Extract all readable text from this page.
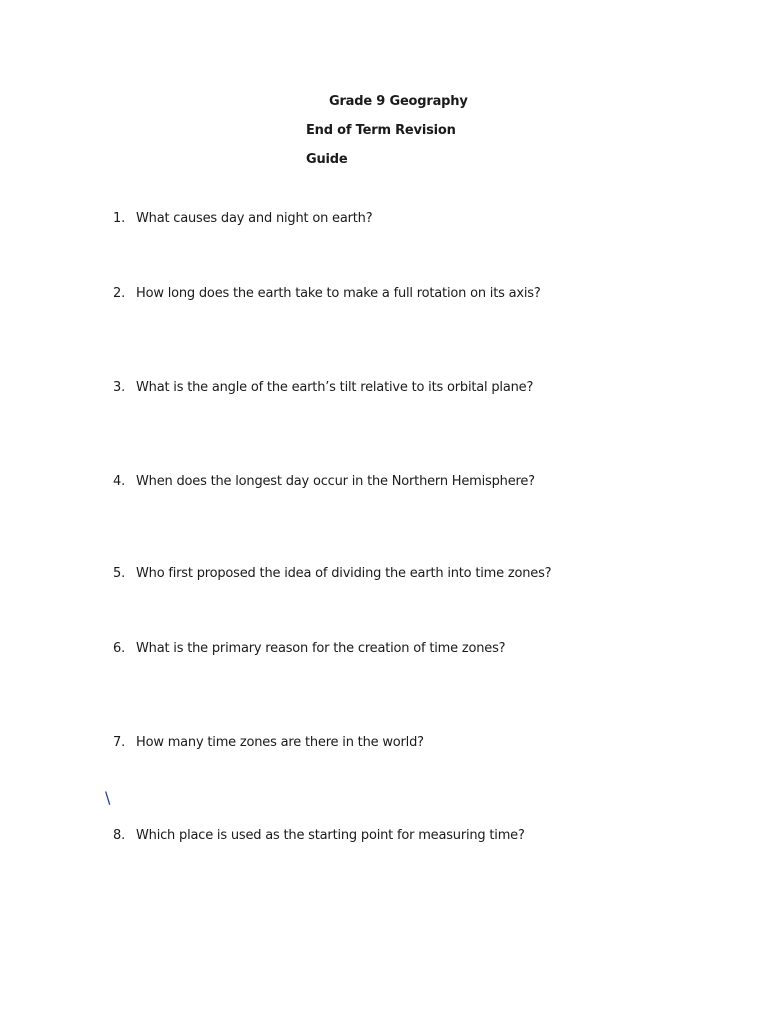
Grade 9 Geography
End of Term Revision
Guide
1. What causes day and night on earth?
2. How long does the earth take to make a full rotation on its axis?
3. What is the angle of the earth’s tilt relative to its orbital plane?
4. When does the longest day occur in the Northern Hemisphere?
5. Who first proposed the idea of dividing the earth into time zones?
6. What is the primary reason for the creation of time zones?
7. How many time zones are there in the world?
\
8. Which place is used as the starting point for measuring time?
